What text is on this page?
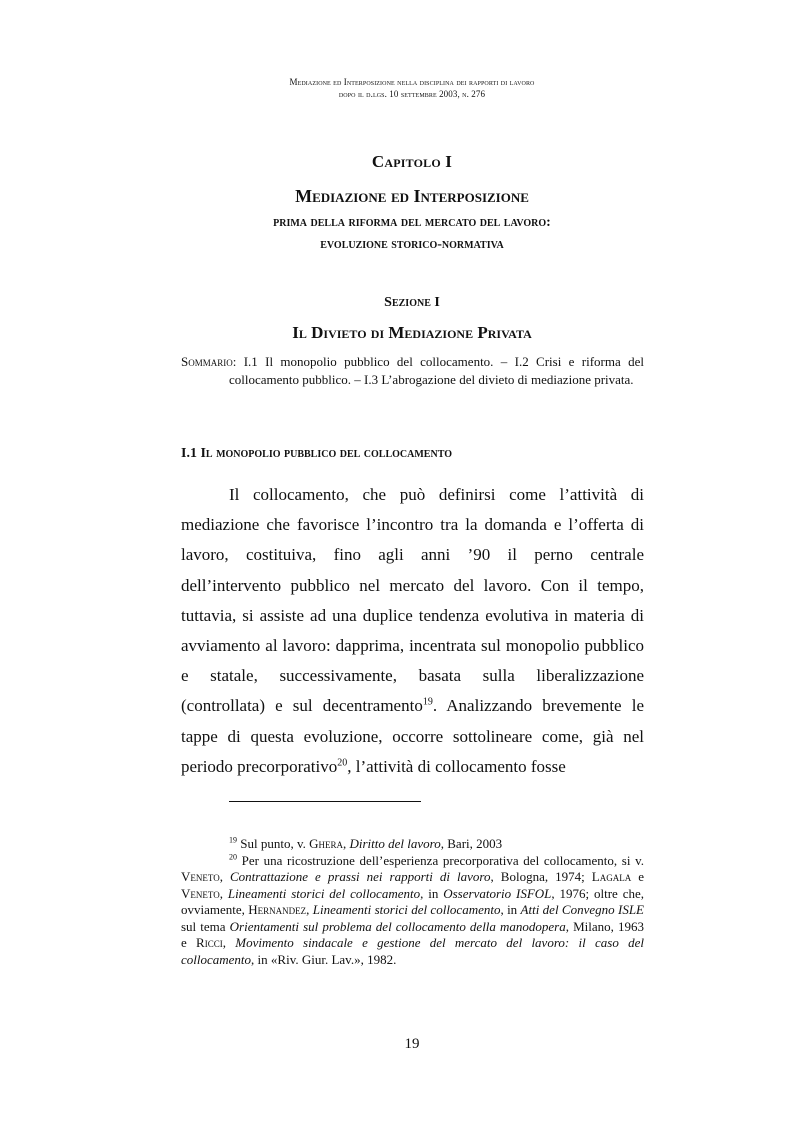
Mediazione ed Interposizione nella disciplina dei rapporti di lavoro
dopo il d.lgs. 10 settembre 2003, n. 276
Capitolo I
Mediazione ed Interposizione
prima della riforma del mercato del lavoro:
evoluzione storico-normativa
Sezione I
Il Divieto di Mediazione Privata
Sommario: I.1 Il monopolio pubblico del collocamento. – I.2 Crisi e riforma del collocamento pubblico. – I.3 L’abrogazione del divieto di mediazione privata.
I.1 Il monopolio pubblico del collocamento

Il collocamento, che può definirsi come l’attività di mediazione che favorisce l’incontro tra la domanda e l’offerta di lavoro, costituiva, fino agli anni ’90 il perno centrale dell’intervento pubblico nel mercato del lavoro. Con il tempo, tuttavia, si assiste ad una duplice tendenza evolutiva in materia di avviamento al lavoro: dapprima, incentrata sul monopolio pubblico e statale, successivamente, basata sulla liberalizzazione (controllata) e sul decentramento$^{19}$. Analizzando brevemente le tappe di questa evoluzione, occorre sottolineare come, già nel periodo precorporativo$^{20}$, l’attività di collocamento fosse

$^{19}$ Sul punto, v. Ghera, Diritto del lavoro, Bari, 2003

$^{20}$ Per una ricostruzione dell’esperienza precorporativa del collocamento, si v. Veneto, Contrattazione e prassi nei rapporti di lavoro, Bologna, 1974; Lagala e Veneto, Lineamenti storici del collocamento, in Osservatorio ISFOL, 1976; oltre che, ovviamente, Hernandez, Lineamenti storici del collocamento, in Atti del Convegno ISLE sul tema Orientamenti sul problema del collocamento della manodopera, Milano, 1963 e Ricci, Movimento sindacale e gestione del mercato del lavoro: il caso del collocamento, in «Riv. Giur. Lav.», 1982.

19
